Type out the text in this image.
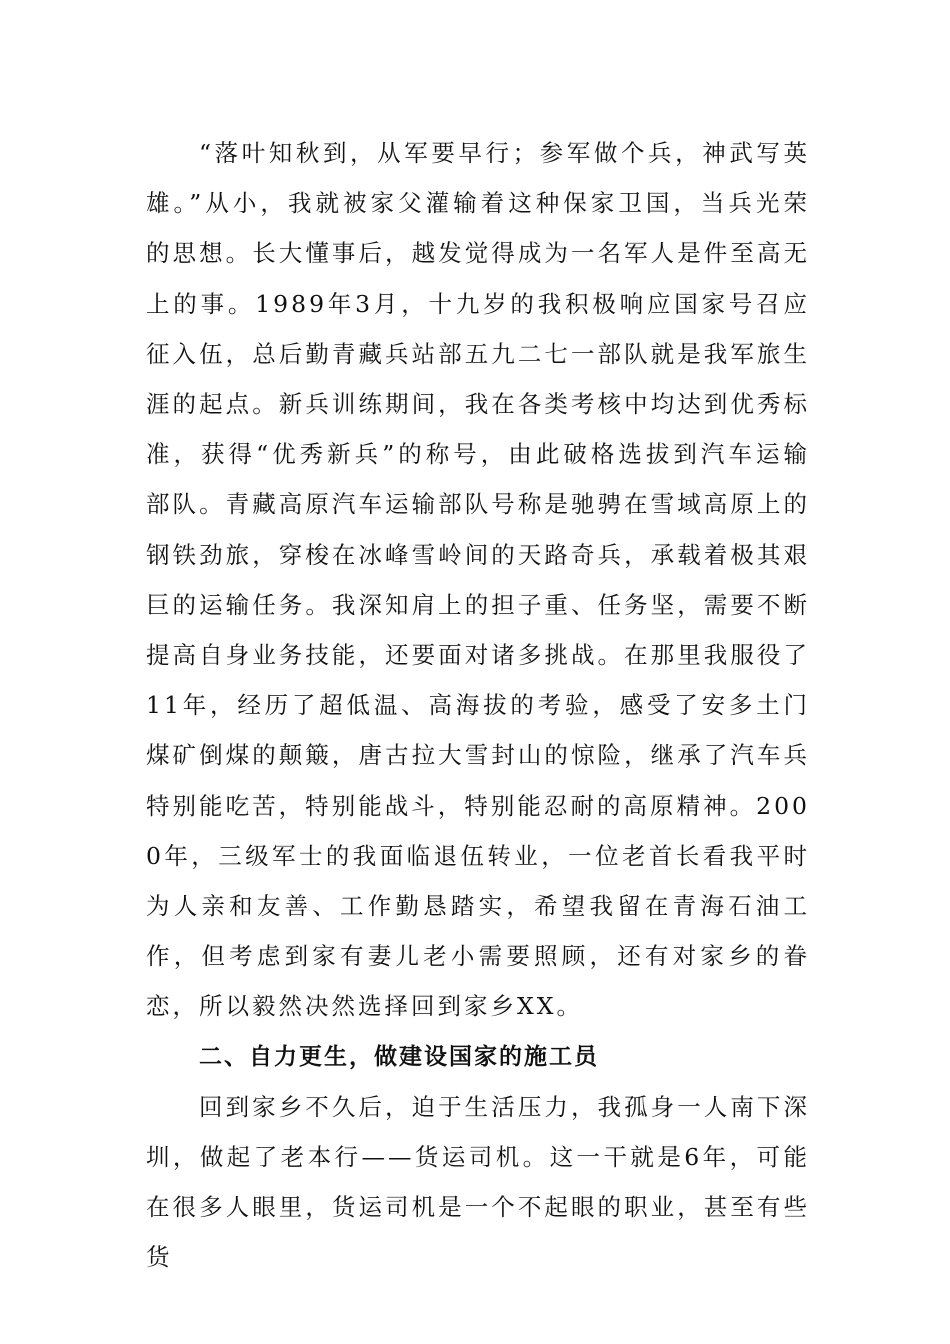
“落叶知秋到，从军要早行；参军做个兵，神武写英雄。”从小，我就被家父灌输着这种保家卫国，当兵光荣的思想。长大懂事后，越发觉得成为一名军人是件至高无上的事。1989年3月，十九岁的我积极响应国家号召应征入伍，总后勤青藏兵站部五九二七一部队就是我军旅生涯的起点。新兵训练期间，我在各类考核中均达到优秀标准，获得“优秀新兵”的称号，由此破格选拔到汽车运输部队。青藏高原汽车运输部队号称是驰骋在雪域高原上的钢铁劲旅，穿梭在冰峰雪岭间的天路奇兵，承载着极其艰巨的运输任务。我深知肩上的担子重、任务坚，需要不断提高自身业务技能，还要面对诸多挑战。在那里我服役了11年，经历了超低温、高海拔的考验，感受了安多土门煤矿倒煤的颠簸，唐古拉大雪封山的惊险，继承了汽车兵特别能吃苦，特别能战斗，特别能忍耐的高原精神。2000年，三级军士的我面临退伍转业，一位老首长看我平时为人亲和友善、工作勤恳踏实，希望我留在青海石油工作，但考虑到家有妻儿老小需要照顾，还有对家乡的眷恋，所以毅然决然选择回到家乡XX。

二、自力更生，做建设国家的施工员

回到家乡不久后，迫于生活压力，我孤身一人南下深圳，做起了老本行——货运司机。这一干就是6年，可能在很多人眼里，货运司机是一个不起眼的职业，甚至有些货
